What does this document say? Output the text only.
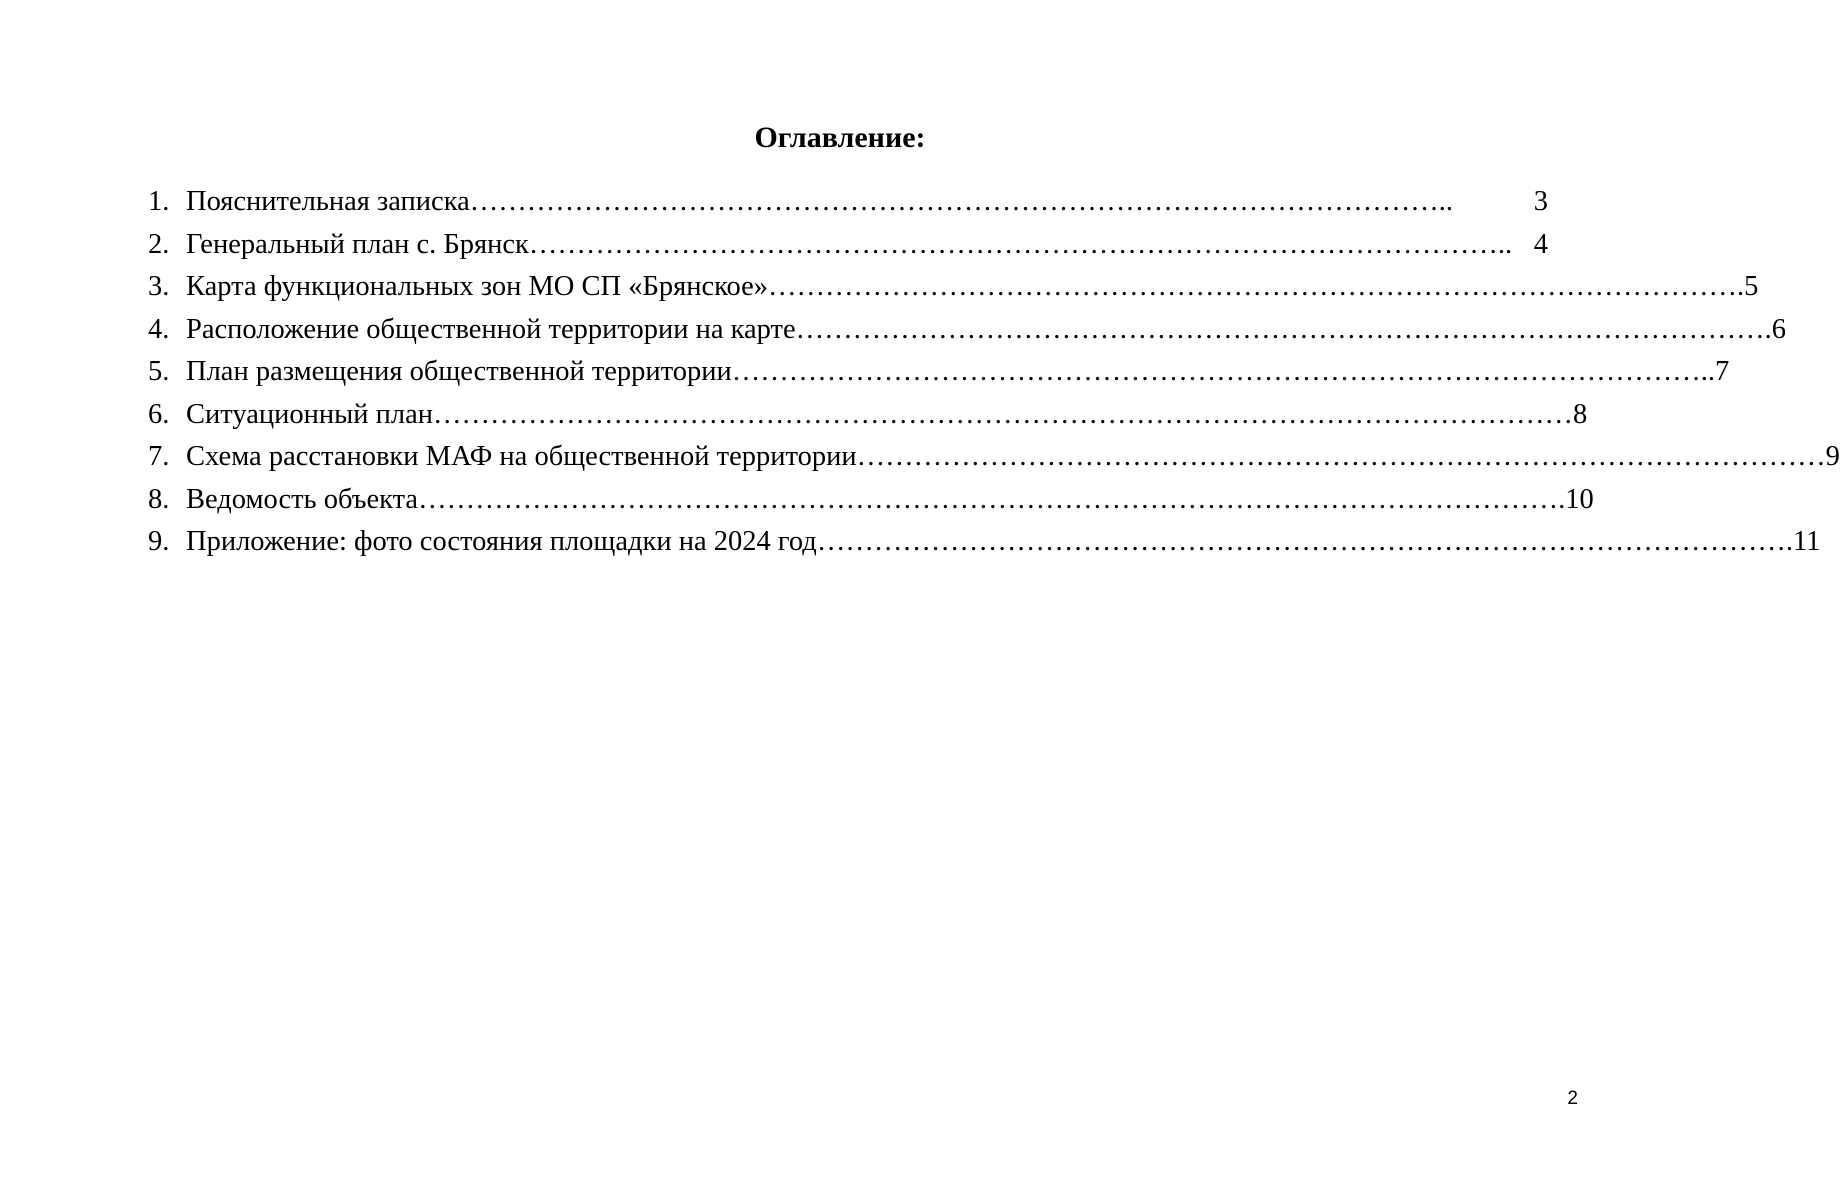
Оглавление:
1. Пояснительная записка …………………………………………………………………………………………..	3
2. Генеральный план с. Брянск ………………………………………………………………………………………….. 4
3. Карта функциональных зон МО СП «Брянское» …………………………………………………………………………………………. 5
4. Расположение общественной территории на карте …………………………………………………………………………………………. 6
5. План размещения общественной территории ………………………………………………………………………………………….. 7
6. Ситуационный план ………………………………………………………………………………………………………… 8
7. Схема расстановки МАФ на общественной территории ………………………………………………………………………………………… 9
8. Ведомость объекта …………………………………………………………………………………………………………. 10
9. Приложение: фото состояния площадки на 2024 год …………………………………………………………………………………………. 11
2
